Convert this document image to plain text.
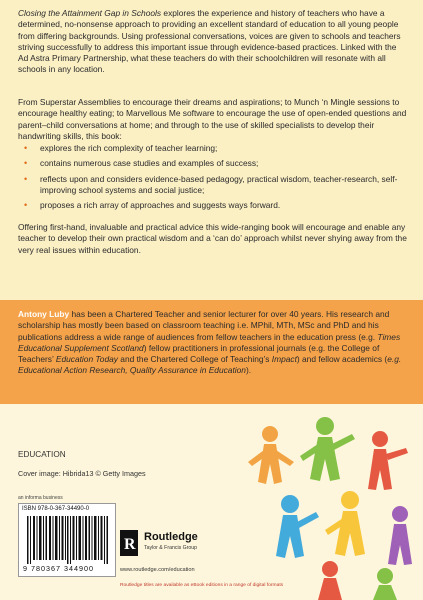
Closing the Attainment Gap in Schools explores the experience and history of teachers who have a determined, no-nonsense approach to providing an excellent standard of education to all young people from differing backgrounds. Using professional conversations, voices are given to schools and teachers striving successfully to address this important issue through evidence-based practices. Linked with the Ad Astra Primary Partnership, what these teachers do with their schoolchildren will resonate with all schools in any location.
From Superstar Assemblies to encourage their dreams and aspirations; to Munch ‘n Mingle sessions to encourage healthy eating; to Marvellous Me software to encourage the use of open-ended questions and parent–child conversations at home; and through to the use of skilled specialists to develop their handwriting skills, this book:
• explores the rich complexity of teacher learning;
• contains numerous case studies and examples of success;
• reflects upon and considers evidence-based pedagogy, practical wisdom, teacher-research, self-improving school systems and social justice;
• proposes a rich array of approaches and suggests ways forward.
Offering first-hand, invaluable and practical advice this wide-ranging book will encourage and enable any teacher to develop their own practical wisdom and a ‘can do’ approach whilst never shying away from the very real issues within education.
Antony Luby has been a Chartered Teacher and senior lecturer for over 40 years. His research and scholarship has mostly been based on classroom teaching i.e. MPhil, MTh, MSc and PhD and his publications address a wide range of audiences from fellow teachers in the education press (e.g. Times Educational Supplement Scotland) fellow practitioners in professional journals (e.g. the College of Teachers’ Education Today and the Chartered College of Teaching’s Impact) and fellow academics (e.g. Educational Action Research, Quality Assurance in Education).
EDUCATION
Cover image: Hibrida13 © Getty Images
an informa business
ISBN 978-0-367-34490-0
9 780367 344900
R Routledge
Taylor & Francis Group
www.routledge.com/education
Routledge titles are available as eBook editions in a range of digital formats
